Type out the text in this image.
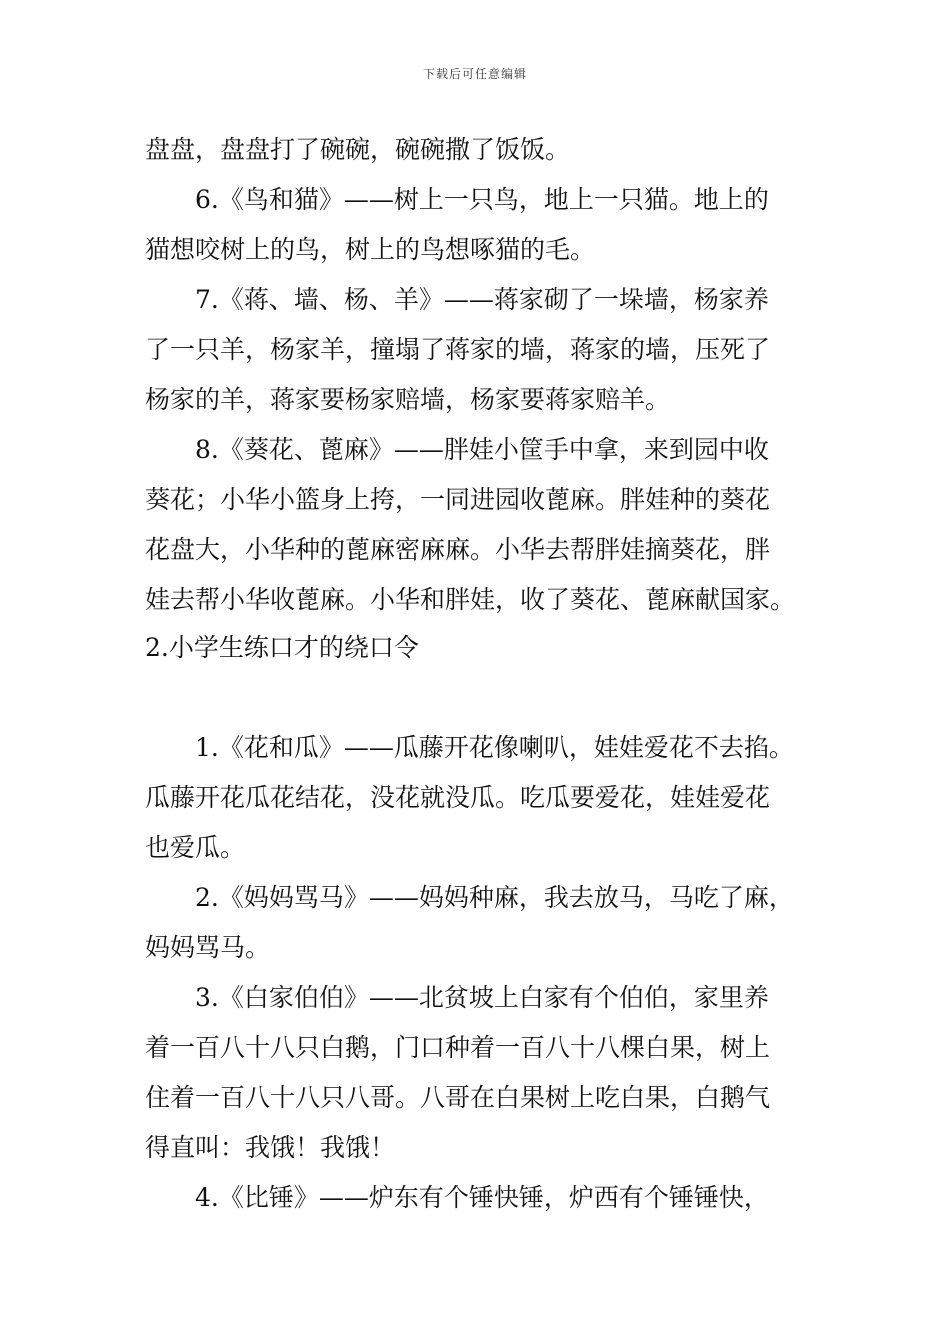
下载后可任意编辑
盘盘，盘盘打了碗碗，碗碗撒了饭饭。
6.《鸟和猫》——树上一只鸟，地上一只猫。地上的
猫想咬树上的鸟，树上的鸟想啄猫的毛。
7.《蒋、墙、杨、羊》——蒋家砌了一垛墙，杨家养
了一只羊，杨家羊，撞塌了蒋家的墙，蒋家的墙，压死了
杨家的羊，蒋家要杨家赔墙，杨家要蒋家赔羊。
8.《葵花、蓖麻》——胖娃小筐手中拿，来到园中收
葵花；小华小篮身上挎，一同进园收蓖麻。胖娃种的葵花
花盘大，小华种的蓖麻密麻麻。小华去帮胖娃摘葵花，胖
娃去帮小华收蓖麻。小华和胖娃，收了葵花、蓖麻献国家。
2.小学生练口才的绕口令
1.《花和瓜》——瓜藤开花像喇叭，娃娃爱花不去掐。
瓜藤开花瓜花结花，没花就没瓜。吃瓜要爱花，娃娃爱花
也爱瓜。
2.《妈妈骂马》——妈妈种麻，我去放马，马吃了麻，
妈妈骂马。
3.《白家伯伯》——北贫坡上白家有个伯伯，家里养
着一百八十八只白鹅，门口种着一百八十八棵白果，树上
住着一百八十八只八哥。八哥在白果树上吃白果，白鹅气
得直叫：我饿！我饿！
4.《比锤》——炉东有个锤快锤，炉西有个锤锤快，
